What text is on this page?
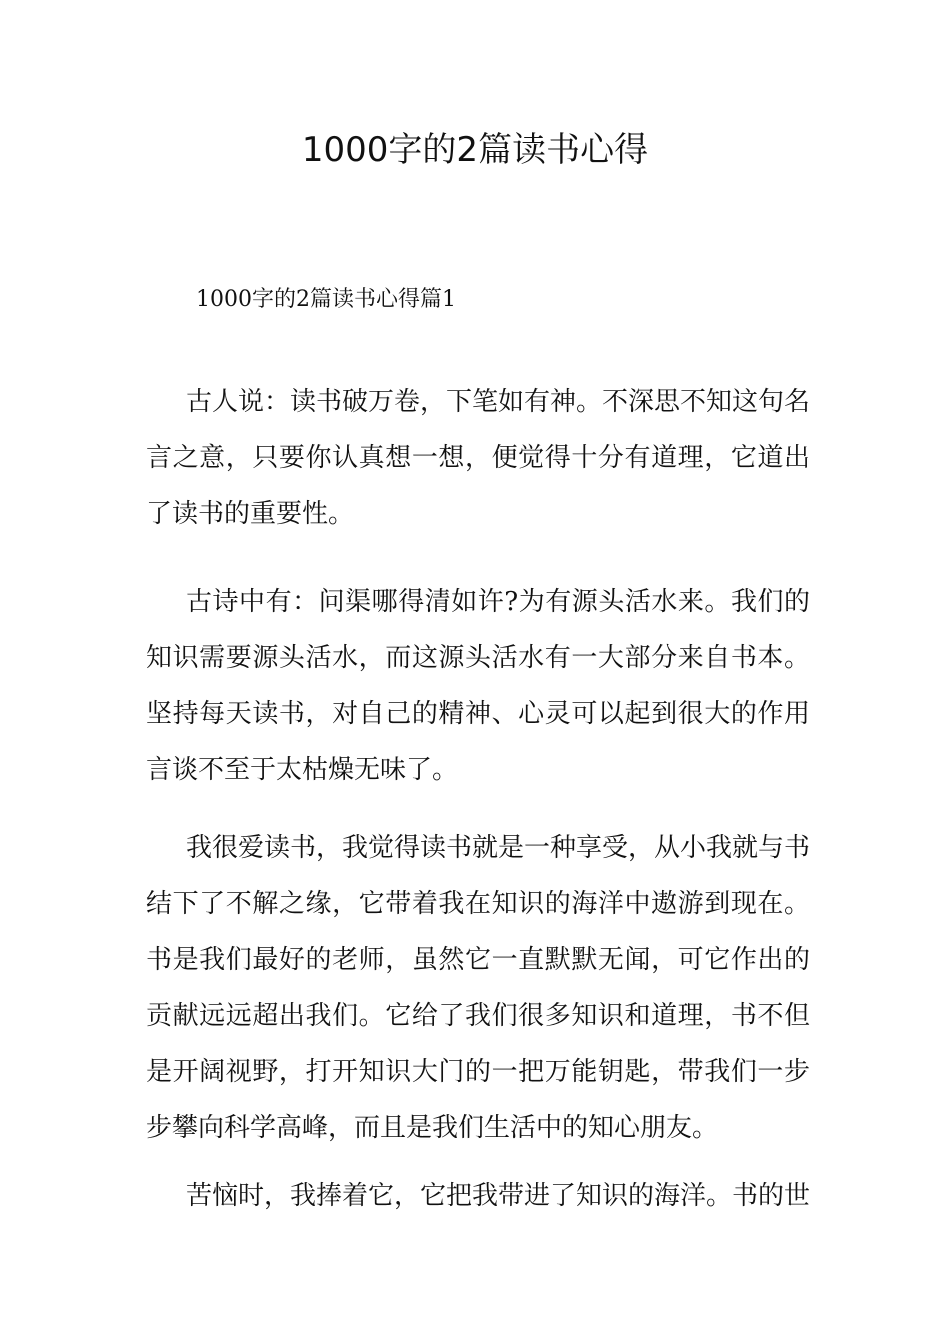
1000字的2篇读书心得
1000字的2篇读书心得篇1

古人说：读书破万卷，下笔如有神。不深思不知这句名言之意，只要你认真想一想，便觉得十分有道理，它道出了读书的重要性。

古诗中有：问渠哪得清如许?为有源头活水来。我们的知识需要源头活水，而这源头活水有一大部分来自书本。坚持每天读书，对自己的精神、心灵可以起到很大的作用言谈不至于太枯燥无味了。

我很爱读书，我觉得读书就是一种享受，从小我就与书结下了不解之缘，它带着我在知识的海洋中遨游到现在。书是我们最好的老师，虽然它一直默默无闻，可它作出的贡献远远超出我们。它给了我们很多知识和道理，书不但是开阔视野，打开知识大门的一把万能钥匙，带我们一步步攀向科学高峰，而且是我们生活中的知心朋友。

苦恼时，我捧着它，它把我带进了知识的海洋。书的世
